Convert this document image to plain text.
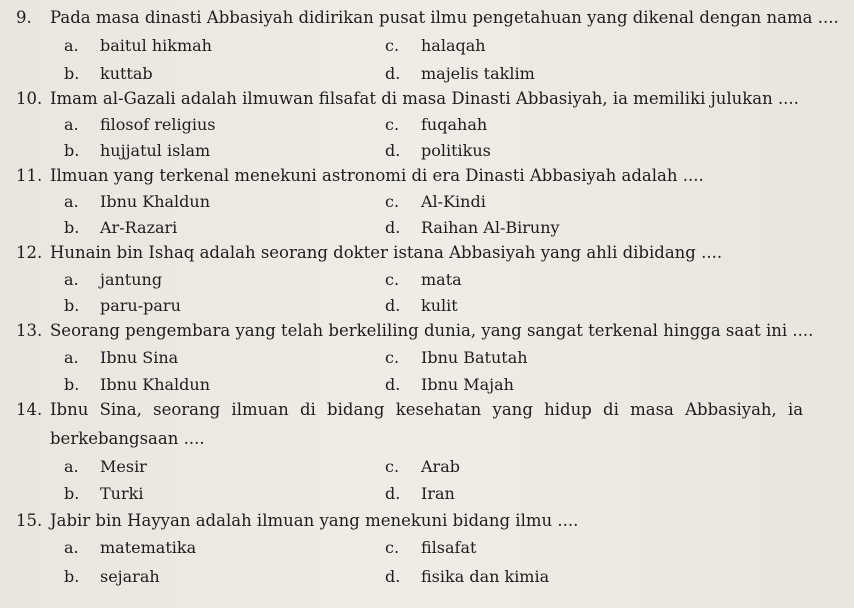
9. Pada masa dinasti Abbasiyah didirikan pusat ilmu pengetahuan yang dikenal dengan nama ....
a. baitul hikmah	c. halaqah
b. kuttab	d. majelis taklim
10. Imam al-Gazali adalah ilmuwan filsafat di masa Dinasti Abbasiyah, ia memiliki julukan ....
a. filosof religius	c. fuqahah
b. hujjatul islam	d. politikus
11. Ilmuan yang terkenal menekuni astronomi di era Dinasti Abbasiyah adalah ....
a. Ibnu Khaldun	c. Al-Kindi
b. Ar-Razari	d. Raihan Al-Biruny
12. Hunain bin Ishaq adalah seorang dokter istana Abbasiyah yang ahli dibidang ....
a. jantung	c. mata
b. paru-paru	d. kulit
13. Seorang pengembara yang telah berkeliling dunia, yang sangat terkenal hingga saat ini ....
a. Ibnu Sina	c. Ibnu Batutah
b. Ibnu Khaldun	d. Ibnu Majah
14. Ibnu Sina, seorang ilmuan di bidang kesehatan yang hidup di masa Abbasiyah, ia
berkebangsaan ....
a. Mesir	c. Arab
b. Turki	d. Iran
15. Jabir bin Hayyan adalah ilmuan yang menekuni bidang ilmu ....
a. matematika	c. filsafat
b. sejarah	d. fisika dan kimia
